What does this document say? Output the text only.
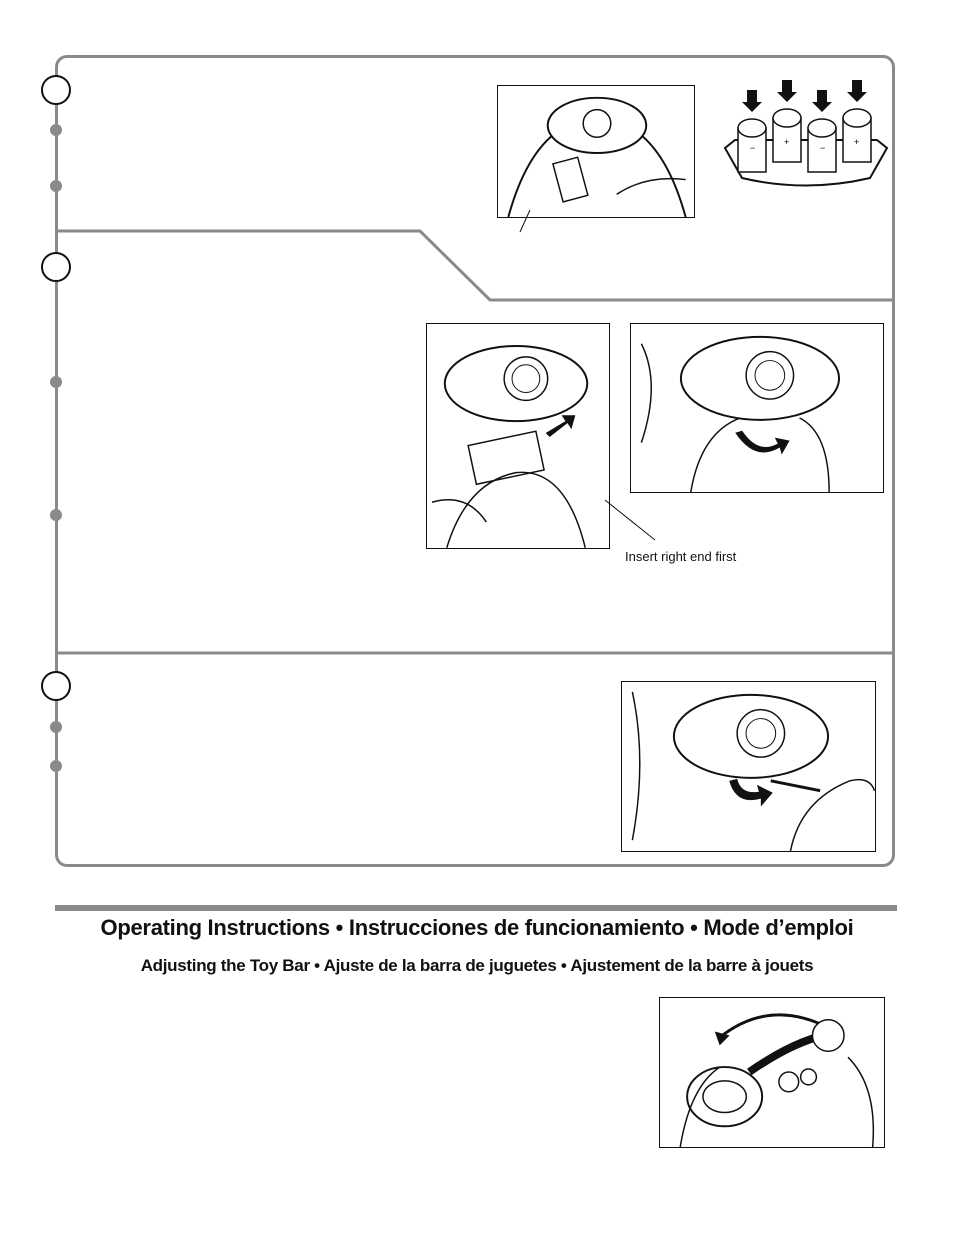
−
+
−
+
Insert right end first
Operating Instructions • Instrucciones de funcionamiento • Mode d’emploi
Adjusting the Toy Bar • Ajuste de la barra de juguetes • Ajustement de la barre à jouets
